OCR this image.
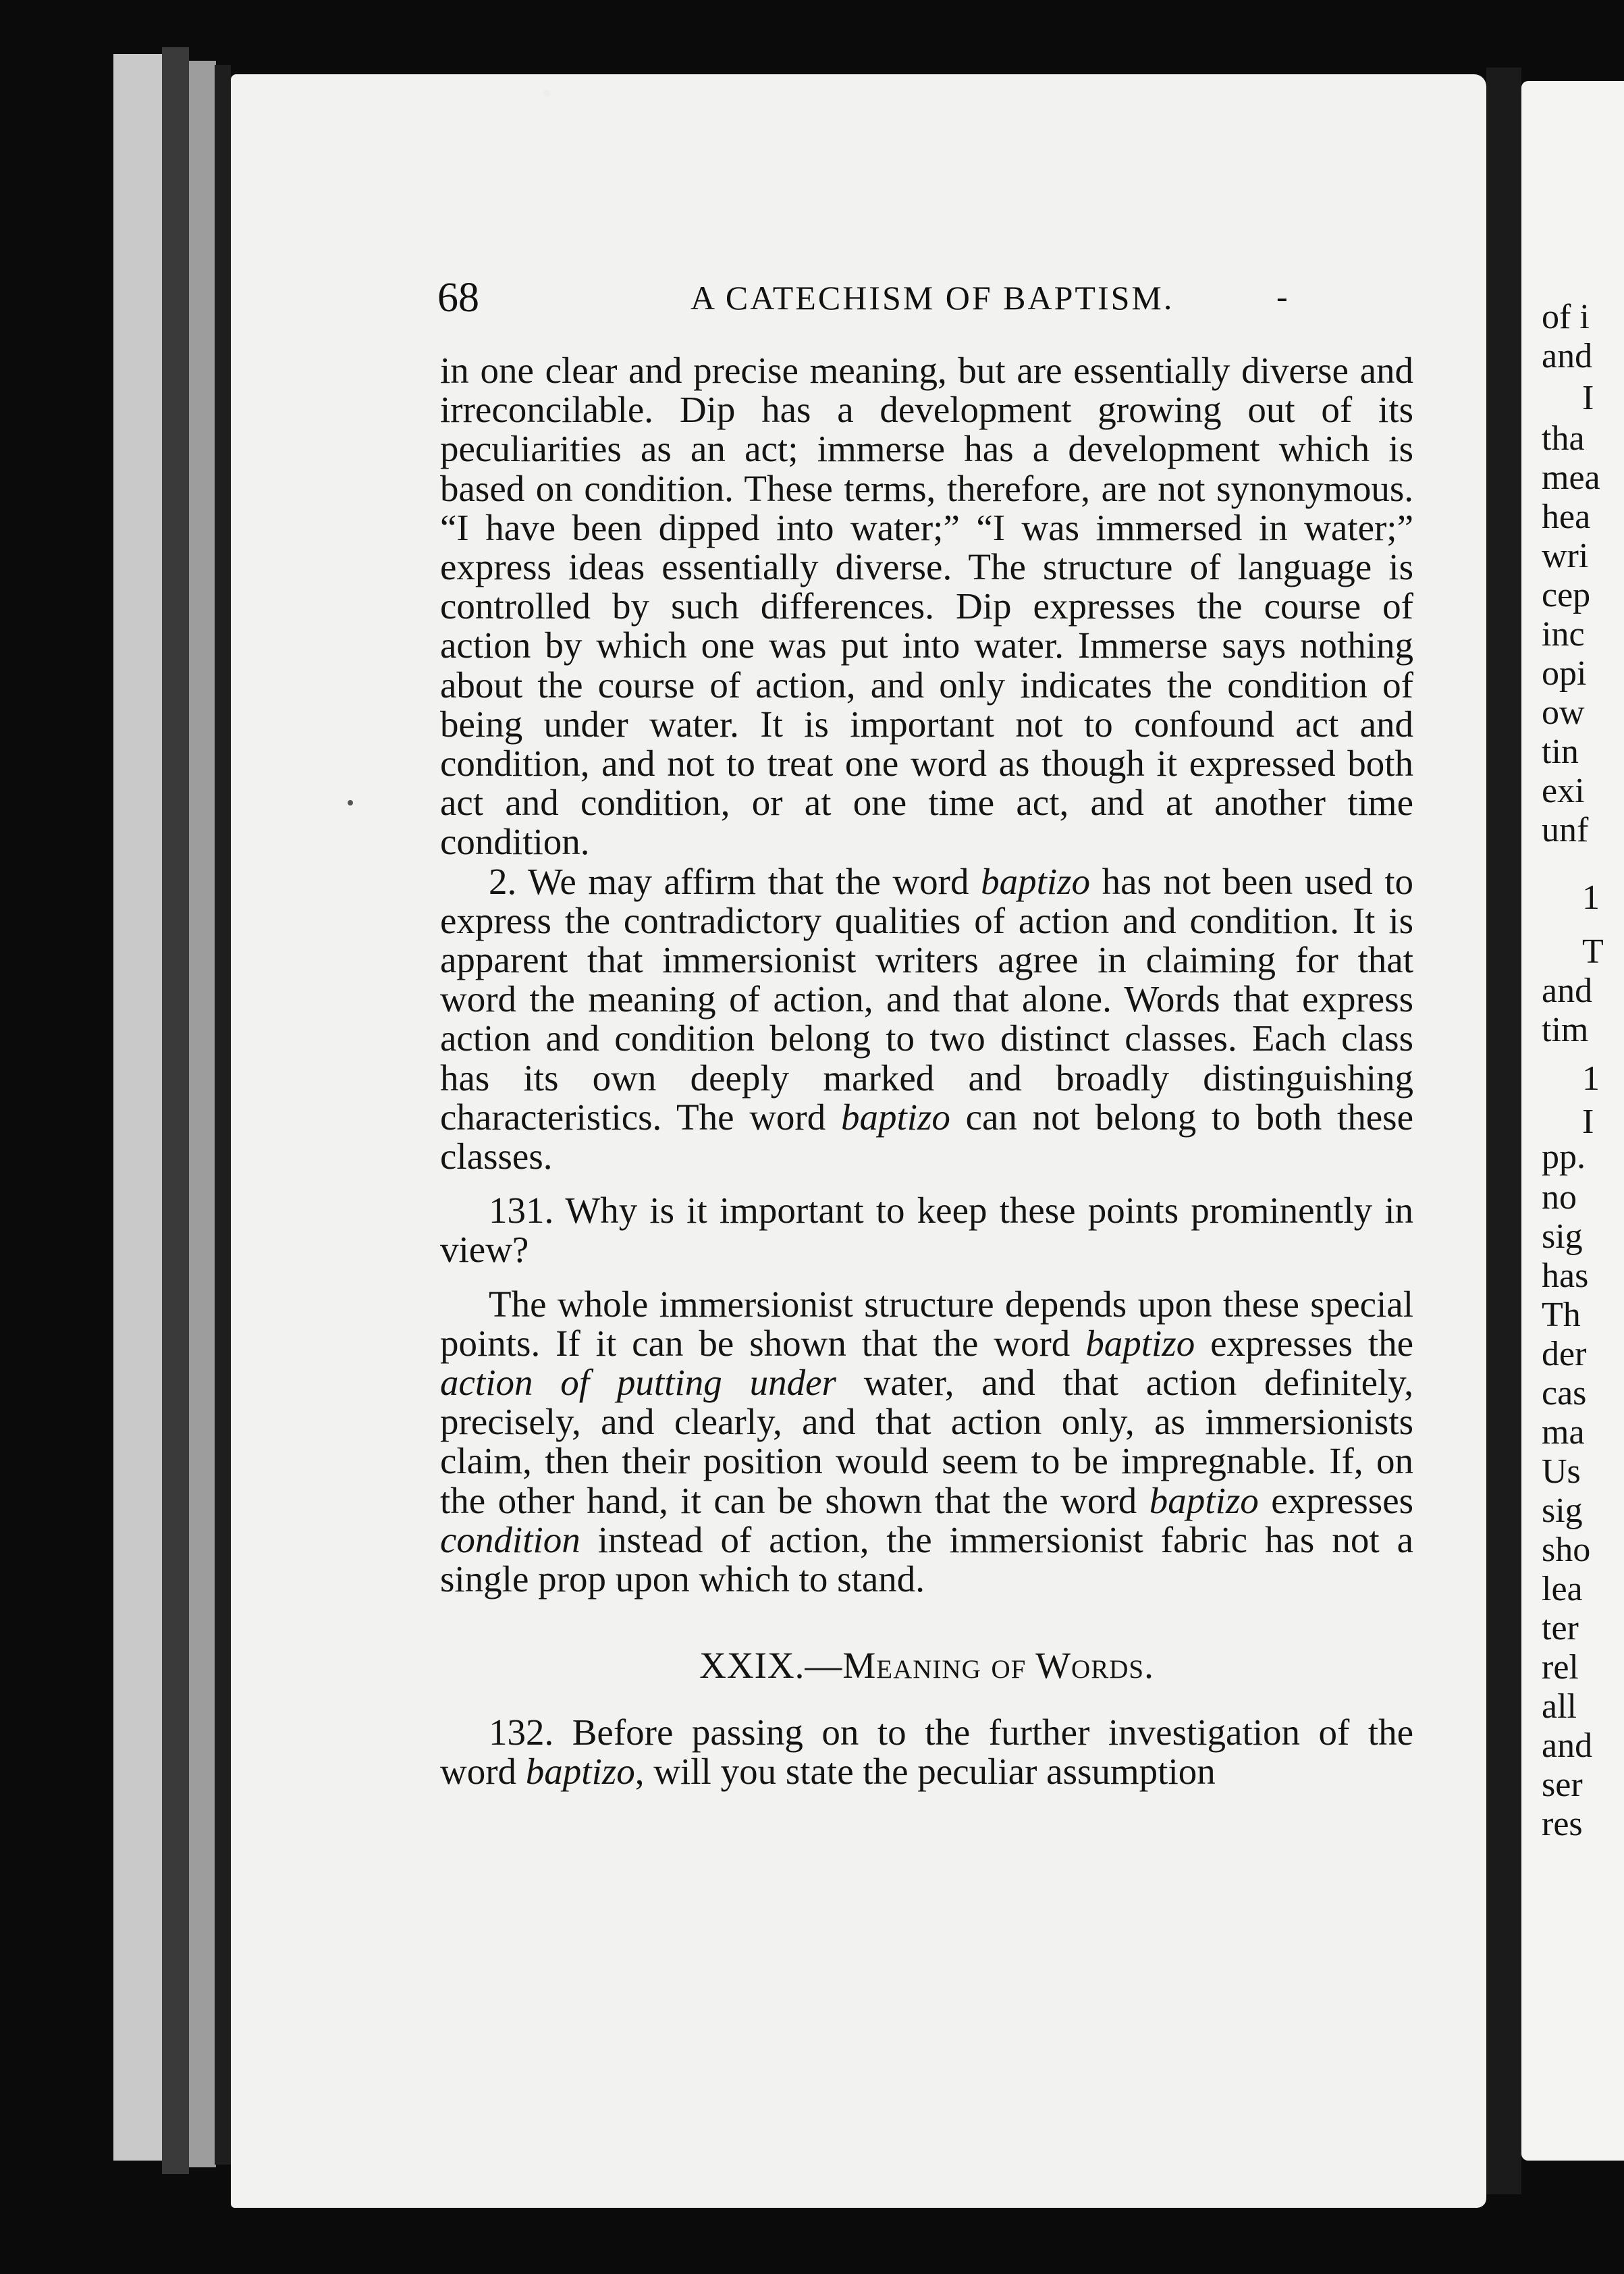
of i
and
I
tha
mea
hea
wri
cep
inc
opi
ow
tin
exi
unf
1
T
and
tim
1
I
pp.
no
sig
has
Th
der
cas
ma
Us
sig
sho
lea
ter
rel
all
and
ser
res
68	A CATECHISM OF BAPTISM.	-

in one clear and precise meaning, but are essentially diverse and irreconcilable. Dip has a development growing out of its peculiarities as an act; immerse has a development which is based on condition. These terms, therefore, are not synonymous. “I have been dipped into water;” “I was immersed in water;” express ideas essentially diverse. The structure of language is controlled by such differences. Dip expresses the course of action by which one was put into water. Immerse says nothing about the course of action, and only indicates the condition of being under water. It is important not to confound act and condition, and not to treat one word as though it expressed both act and condition, or at one time act, and at another time condition.

2. We may affirm that the word baptizo has not been used to express the contradictory qualities of action and condition. It is apparent that immersionist writers agree in claiming for that word the meaning of action, and that alone. Words that express action and condition belong to two distinct classes. Each class has its own deeply marked and broadly distinguishing characteristics. The word baptizo can not belong to both these classes.

131. Why is it important to keep these points prominently in view?

The whole immersionist structure depends upon these special points. If it can be shown that the word baptizo expresses the action of putting under water, and that action definitely, precisely, and clearly, and that action only, as immersionists claim, then their position would seem to be impregnable. If, on the other hand, it can be shown that the word baptizo expresses condition instead of action, the immersionist fabric has not a single prop upon which to stand.

XXIX.—Meaning of Words.

132. Before passing on to the further investigation of the word baptizo, will you state the peculiar assumption
